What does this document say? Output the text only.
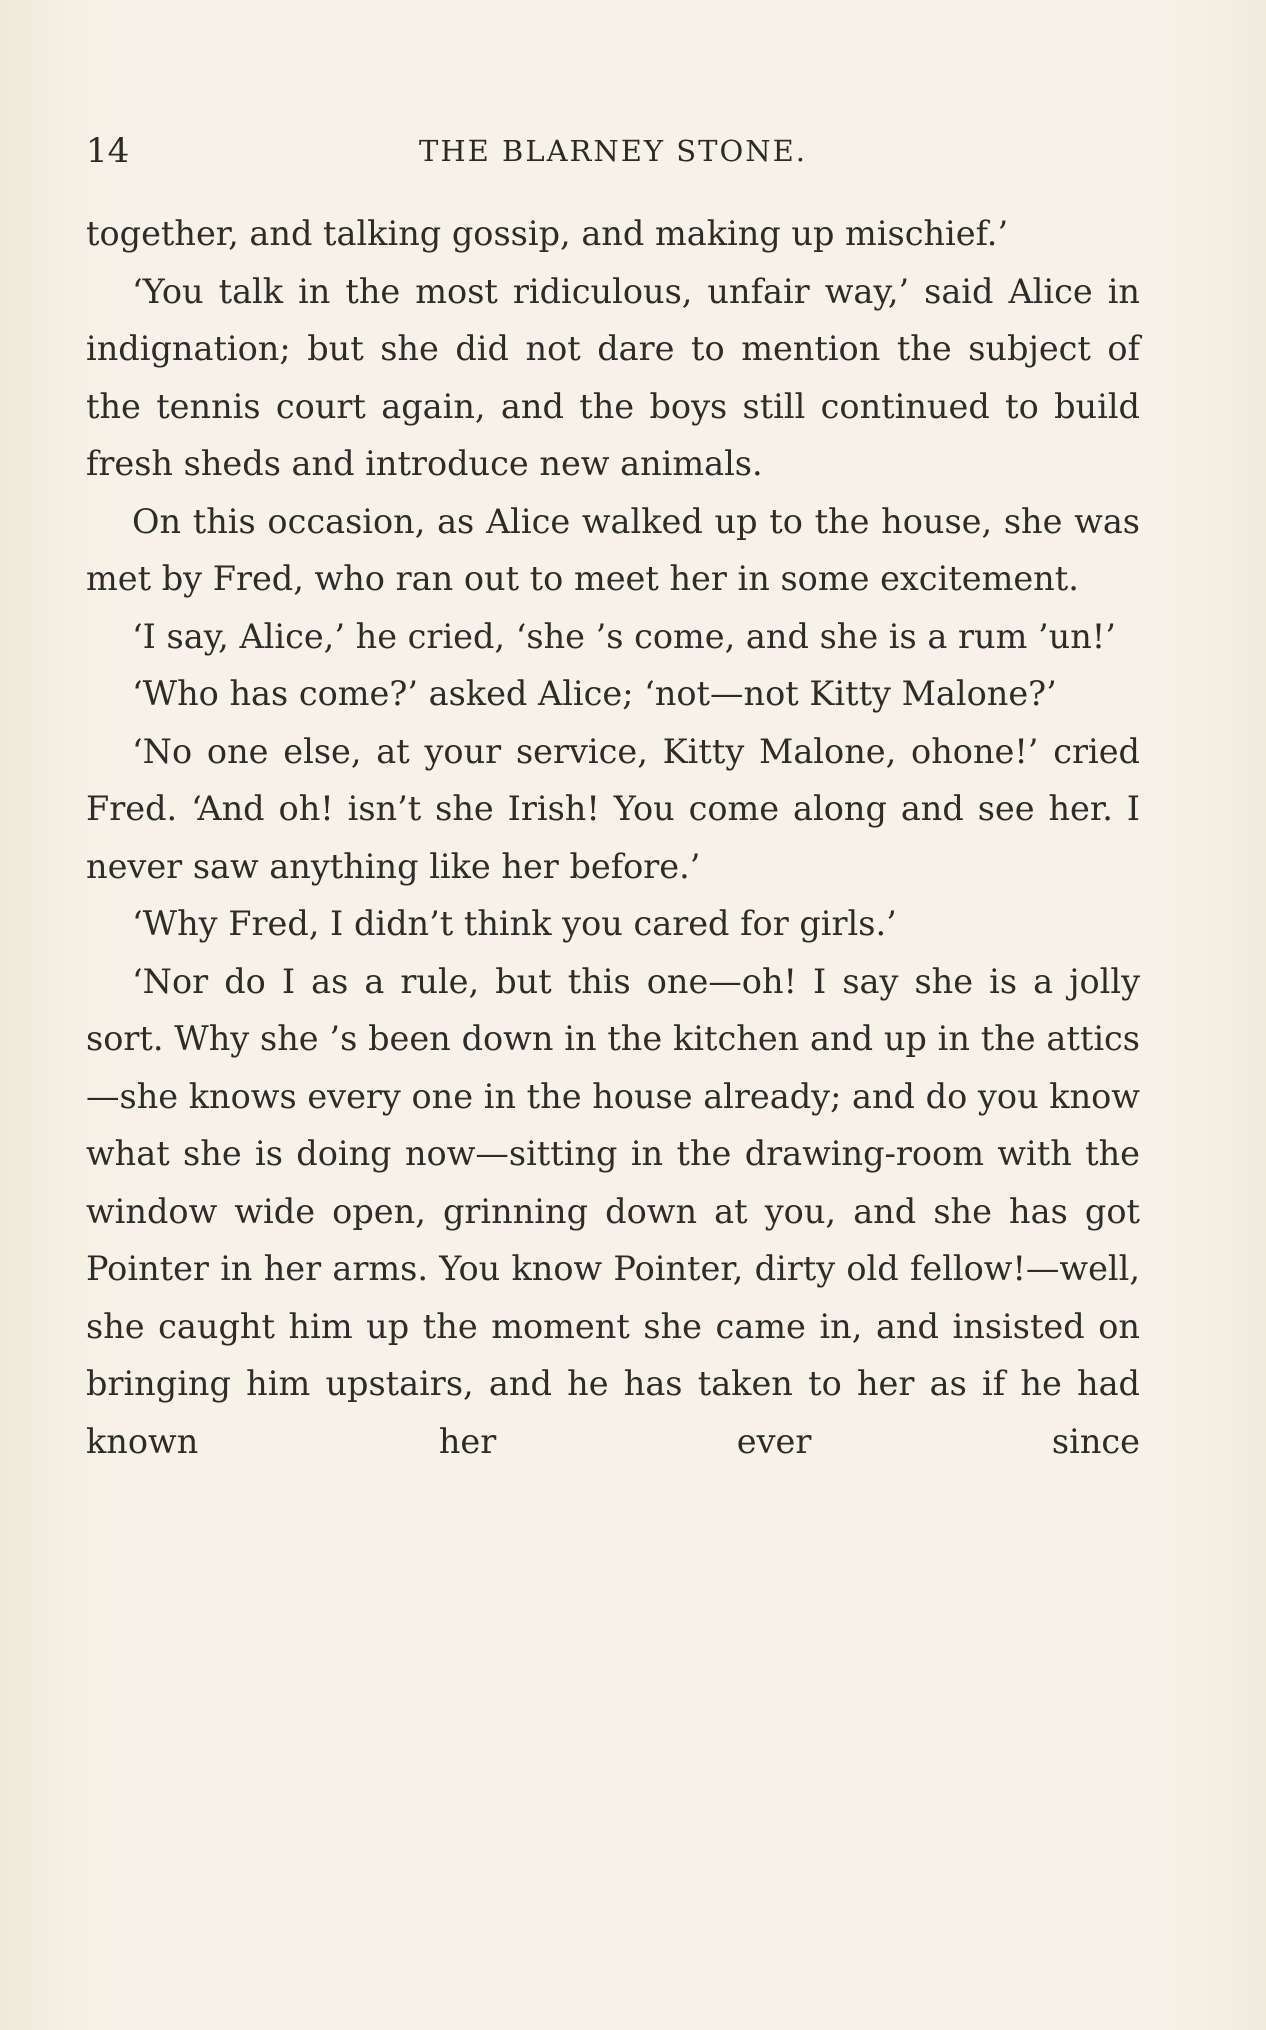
14	THE BLARNEY STONE.

together, and talking gossip, and making up mischief.’

‘You talk in the most ridiculous, unfair way,’ said Alice in indignation; but she did not dare to mention the subject of the tennis court again, and the boys still continued to build fresh sheds and introduce new animals.

On this occasion, as Alice walked up to the house, she was met by Fred, who ran out to meet her in some excitement.

‘I say, Alice,’ he cried, ‘she ’s come, and she is a rum ’un!’

‘Who has come?’ asked Alice; ‘not—not Kitty Malone?’

‘No one else, at your service, Kitty Malone, ohone!’ cried Fred. ‘And oh! isn’t she Irish! You come along and see her. I never saw anything like her before.’

‘Why Fred, I didn’t think you cared for girls.’

‘Nor do I as a rule, but this one—oh! I say she is a jolly sort. Why she ’s been down in the kitchen and up in the attics—she knows every one in the house already; and do you know what she is doing now—sitting in the drawing-room with the window wide open, grinning down at you, and she has got Pointer in her arms. You know Pointer, dirty old fellow!—well, she caught him up the moment she came in, and insisted on bringing him upstairs, and he has taken to her as if he had known her ever since
